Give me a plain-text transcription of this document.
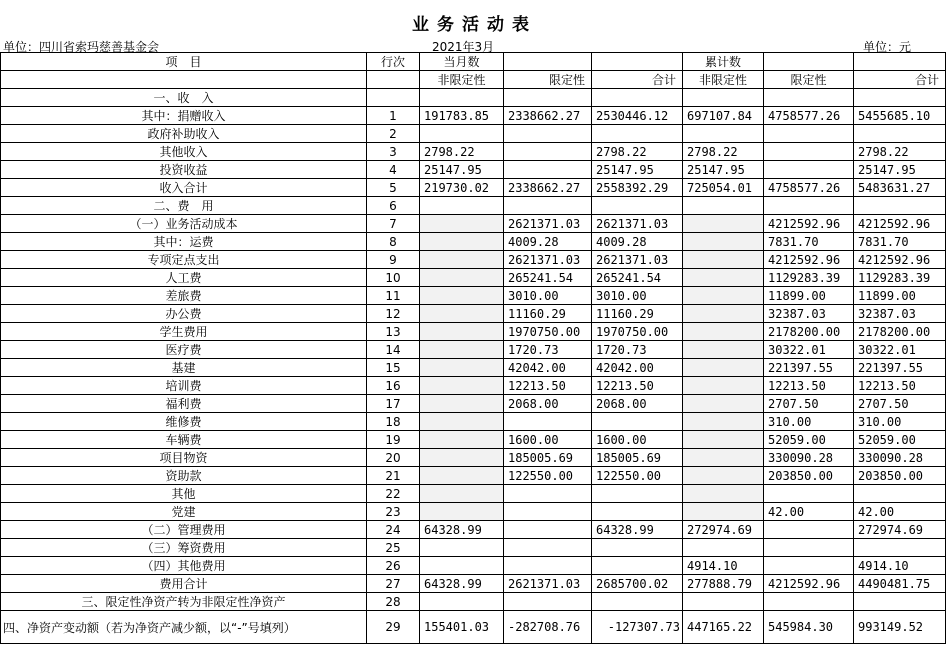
业务活动表
单位：四川省索玛慈善基金会	2021年3月	单位：元
项　目	行次	当月数			累计数		
		非限定性	限定性	合计	非限定性	限定性	合计
一、收　入							
其中：捐赠收入	1	191783.85	2338662.27	2530446.12	697107.84	4758577.26	5455685.10
政府补助收入	2						
其他收入	3	2798.22		2798.22	2798.22		2798.22
投资收益	4	25147.95		25147.95	25147.95		25147.95
收入合计	5	219730.02	2338662.27	2558392.29	725054.01	4758577.26	5483631.27
二、费　用	6						
（一）业务活动成本	7		2621371.03	2621371.03		4212592.96	4212592.96
其中：运费	8		4009.28	4009.28		7831.70	7831.70
专项定点支出	9		2621371.03	2621371.03		4212592.96	4212592.96
人工费	10		265241.54	265241.54		1129283.39	1129283.39
差旅费	11		3010.00	3010.00		11899.00	11899.00
办公费	12		11160.29	11160.29		32387.03	32387.03
学生费用	13		1970750.00	1970750.00		2178200.00	2178200.00
医疗费	14		1720.73	1720.73		30322.01	30322.01
基建	15		42042.00	42042.00		221397.55	221397.55
培训费	16		12213.50	12213.50		12213.50	12213.50
福利费	17		2068.00	2068.00		2707.50	2707.50
维修费	18					310.00	310.00
车辆费	19		1600.00	1600.00		52059.00	52059.00
项目物资	20		185005.69	185005.69		330090.28	330090.28
资助款	21		122550.00	122550.00		203850.00	203850.00
其他	22						
党建	23					42.00	42.00
（二）管理费用	24	64328.99		64328.99	272974.69		272974.69
（三）筹资费用	25						
（四）其他费用	26				4914.10		4914.10
费用合计	27	64328.99	2621371.03	2685700.02	277888.79	4212592.96	4490481.75
三、限定性净资产转为非限定性净资产	28						
四、净资产变动额（若为净资产减少额，以“-”号填列）	29	155401.03	-282708.76	-127307.73	447165.22	545984.30	993149.52
